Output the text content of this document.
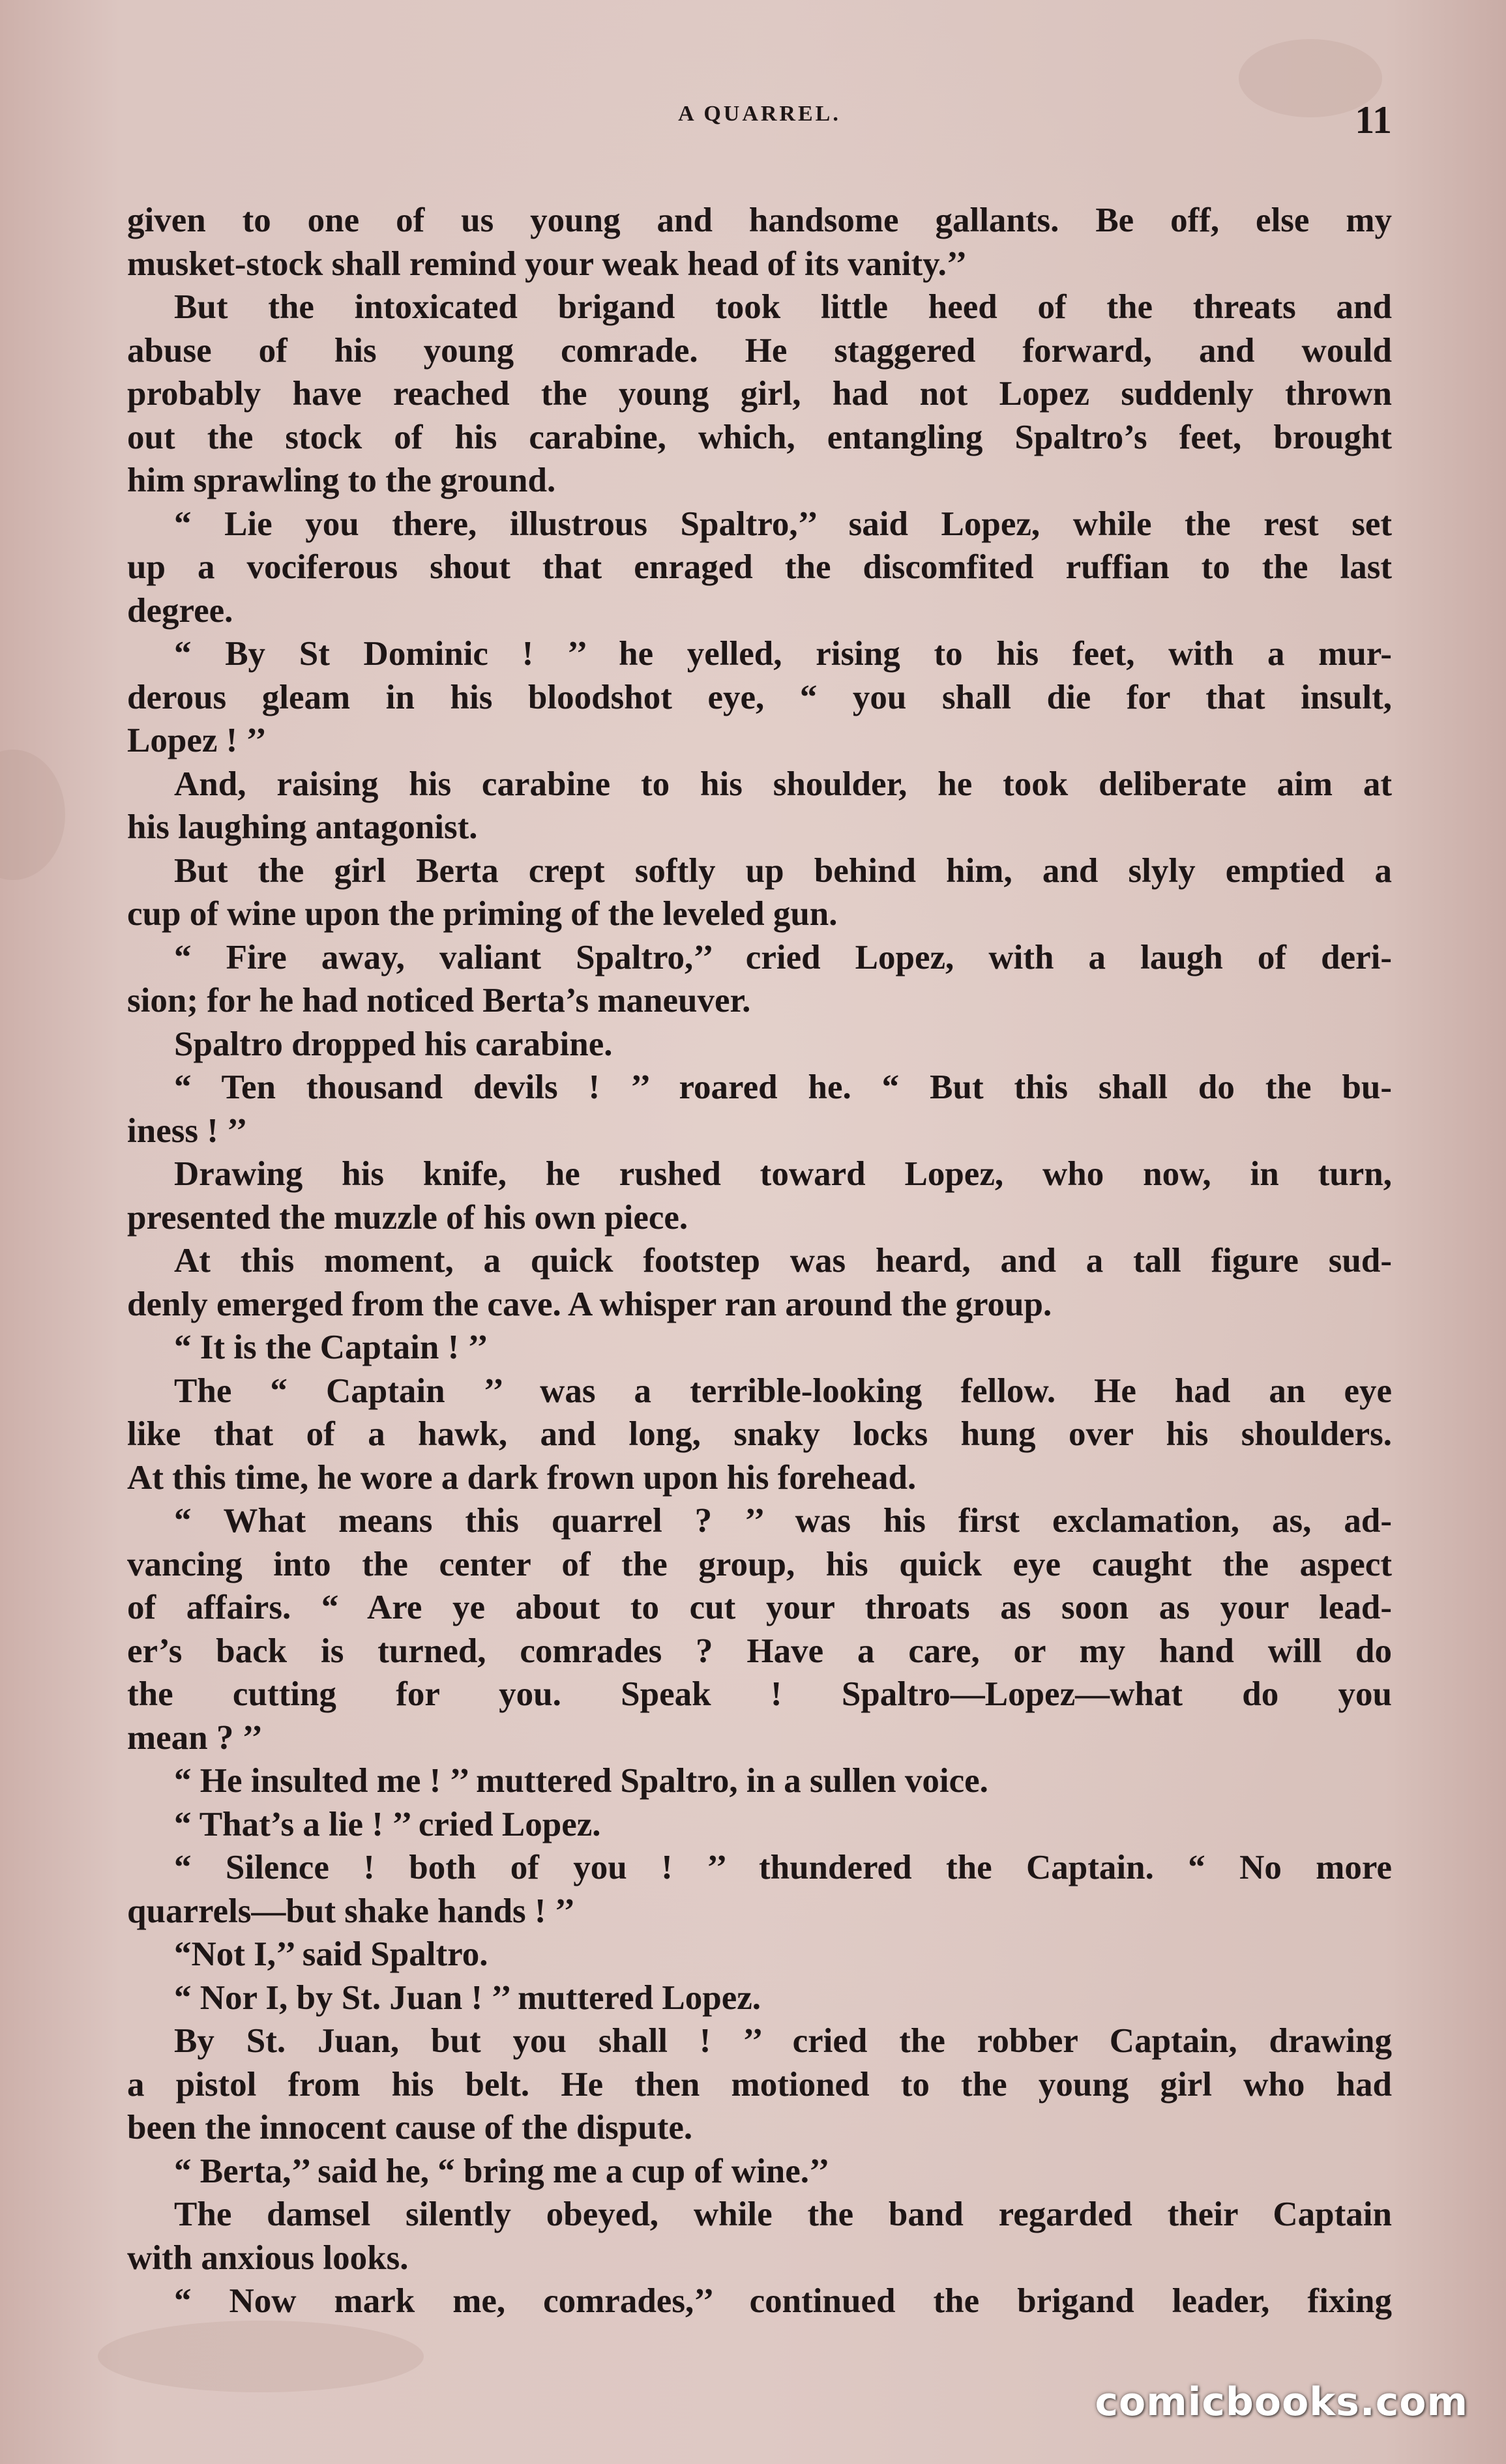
A QUARREL.	11
given to one of us young and handsome gallants. Be off, else my
musket-stock shall remind your weak head of its vanity.’’
But the intoxicated brigand took little heed of the threats and
abuse of his young comrade. He staggered forward, and would
probably have reached the young girl, had not Lopez suddenly thrown
out the stock of his carabine, which, entangling Spaltro’s feet, brought
him sprawling to the ground.
“ Lie you there, illustrous Spaltro,’’ said Lopez, while the rest set
up a vociferous shout that enraged the discomfited ruffian to the last
degree.
“ By St Dominic ! ’’ he yelled, rising to his feet, with a mur-
derous gleam in his bloodshot eye, “ you shall die for that insult,
Lopez ! ’’
And, raising his carabine to his shoulder, he took deliberate aim at
his laughing antagonist.
But the girl Berta crept softly up behind him, and slyly emptied a
cup of wine upon the priming of the leveled gun.
“ Fire away, valiant Spaltro,’’ cried Lopez, with a laugh of deri-
sion; for he had noticed Berta’s maneuver.
Spaltro dropped his carabine.
“ Ten thousand devils ! ’’ roared he. “ But this shall do the bu-
iness ! ’’
Drawing his knife, he rushed toward Lopez, who now, in turn,
presented the muzzle of his own piece.
At this moment, a quick footstep was heard, and a tall figure sud-
denly emerged from the cave. A whisper ran around the group.
“ It is the Captain ! ’’
The “ Captain ’’ was a terrible-looking fellow. He had an eye
like that of a hawk, and long, snaky locks hung over his shoulders.
At this time, he wore a dark frown upon his forehead.
“ What means this quarrel ? ’’ was his first exclamation, as, ad-
vancing into the center of the group, his quick eye caught the aspect
of affairs. “ Are ye about to cut your throats as soon as your lead-
er’s back is turned, comrades ? Have a care, or my hand will do
the cutting for you. Speak ! Spaltro—Lopez—what do you
mean ? ’’
“ He insulted me ! ’’ muttered Spaltro, in a sullen voice.
“ That’s a lie ! ’’ cried Lopez.
“ Silence ! both of you ! ’’ thundered the Captain. “ No more
quarrels—but shake hands ! ’’
“Not I,’’ said Spaltro.
“ Nor I, by St. Juan ! ’’ muttered Lopez.
By St. Juan, but you shall ! ’’ cried the robber Captain, drawing
a pistol from his belt. He then motioned to the young girl who had
been the innocent cause of the dispute.
“ Berta,’’ said he, “ bring me a cup of wine.’’
The damsel silently obeyed, while the band regarded their Captain
with anxious looks.
“ Now mark me, comrades,’’ continued the brigand leader, fixing
comicbooks.com
